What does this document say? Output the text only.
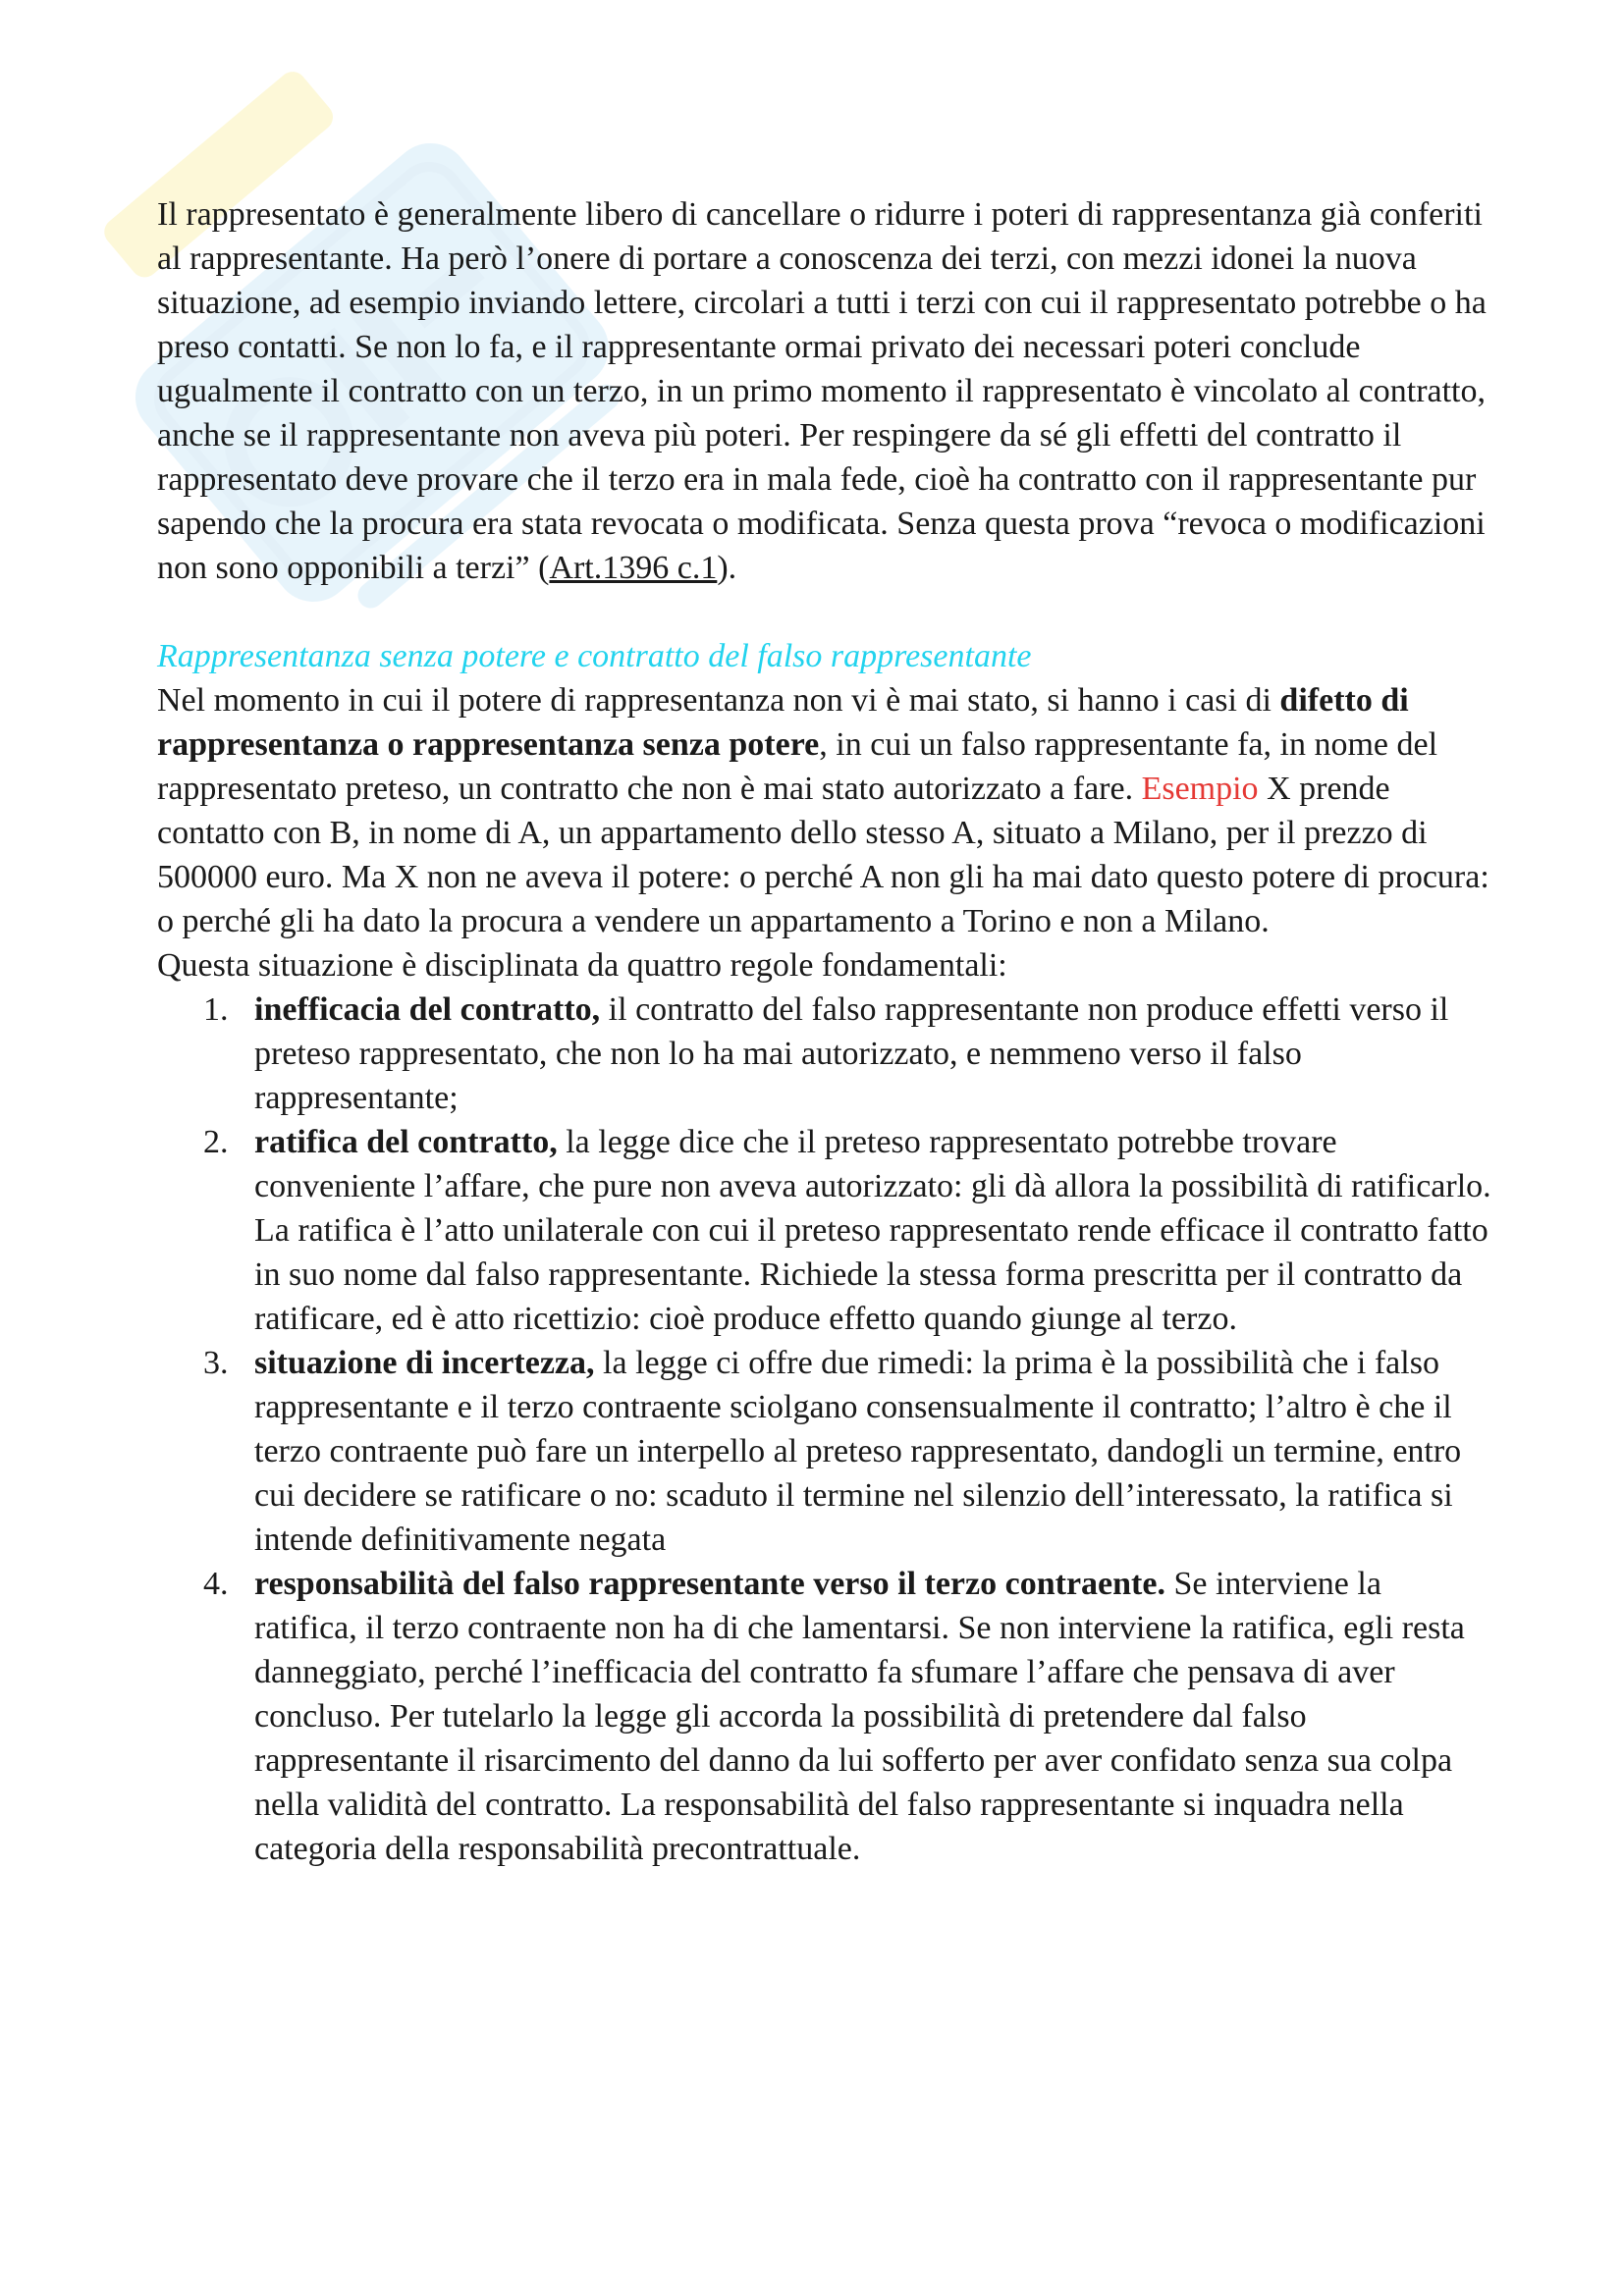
Il rappresentato è generalmente libero di cancellare o ridurre i poteri di rappresentanza già conferiti al rappresentante. Ha però l’onere di portare a conoscenza dei terzi, con mezzi idonei la nuova situazione, ad esempio inviando lettere, circolari a tutti i terzi con cui il rappresentato potrebbe o ha preso contatti. Se non lo fa, e il rappresentante ormai privato dei necessari poteri conclude ugualmente il contratto con un terzo, in un primo momento il rappresentato è vincolato al contratto, anche se il rappresentante non aveva più poteri. Per respingere da sé gli effetti del contratto il rappresentato deve provare che il terzo era in mala fede, cioè ha contratto con il rappresentante pur sapendo che la procura era stata revocata o modificata. Senza questa prova “revoca o modificazioni non sono opponibili a terzi” (Art.1396 c.1).

Rappresentanza senza potere e contratto del falso rappresentante

Nel momento in cui il potere di rappresentanza non vi è mai stato, si hanno i casi di difetto di rappresentanza o rappresentanza senza potere, in cui un falso rappresentante fa, in nome del rappresentato preteso, un contratto che non è mai stato autorizzato a fare. Esempio X prende contatto con B, in nome di A, un appartamento dello stesso A, situato a Milano, per il prezzo di 500000 euro. Ma X non ne aveva il potere: o perché A non gli ha mai dato questo potere di procura: o perché gli ha dato la procura a vendere un appartamento a Torino e non a Milano.

Questa situazione è disciplinata da quattro regole fondamentali:

1. inefficacia del contratto, il contratto del falso rappresentante non produce effetti verso il preteso rappresentato, che non lo ha mai autorizzato, e nemmeno verso il falso rappresentante;
2. ratifica del contratto, la legge dice che il preteso rappresentato potrebbe trovare conveniente l’affare, che pure non aveva autorizzato: gli dà allora la possibilità di ratificarlo. La ratifica è l’atto unilaterale con cui il preteso rappresentato rende efficace il contratto fatto in suo nome dal falso rappresentante. Richiede la stessa forma prescritta per il contratto da ratificare, ed è atto ricettizio: cioè produce effetto quando giunge al terzo.
3. situazione di incertezza, la legge ci offre due rimedi: la prima è la possibilità che i falso rappresentante e il terzo contraente sciolgano consensualmente il contratto; l’altro è che il terzo contraente può fare un interpello al preteso rappresentato, dandogli un termine, entro cui decidere se ratificare o no: scaduto il termine nel silenzio dell’interessato, la ratifica si intende definitivamente negata
4. responsabilità del falso rappresentante verso il terzo contraente. Se interviene la ratifica, il terzo contraente non ha di che lamentarsi. Se non interviene la ratifica, egli resta danneggiato, perché l’inefficacia del contratto fa sfumare l’affare che pensava di aver concluso. Per tutelarlo la legge gli accorda la possibilità di pretendere dal falso rappresentante il risarcimento del danno da lui sofferto per aver confidato senza sua colpa nella validità del contratto. La responsabilità del falso rappresentante si inquadra nella categoria della responsabilità precontrattuale.
